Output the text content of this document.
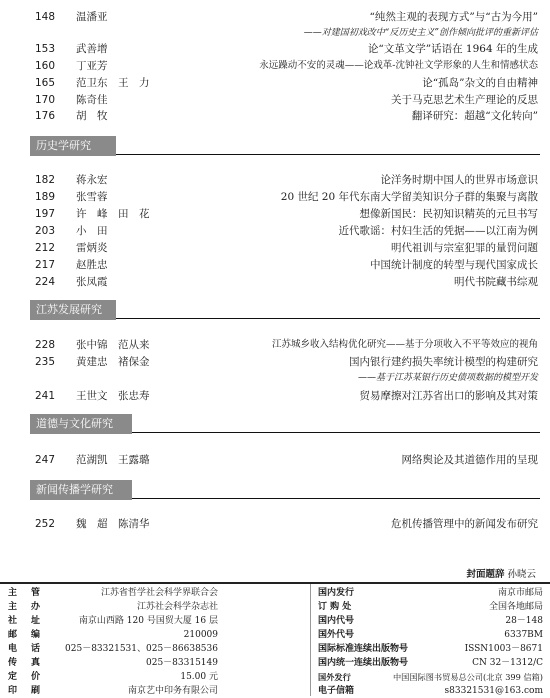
148 温潘亚	“纯然主观的表现方式”与“古为今用”
——对建国初戏改中“反历史主义”创作倾向批评的重新评估
153 武善增	论“文革文学”话语在 1964 年的生成
160 丁亚芳	永远躁动不安的灵魂——论戏革-沈钟社文学形象的人生和情感状态
165 范卫东　王　力	论“孤岛”杂文的自由精神
170 陈奇佳	关于马克思艺术生产理论的反思
176 胡　牧	翻译研究：超越“文化转向”
历史学研究
182 蒋永宏	论洋务时期中国人的世界市场意识
189 张雪蓉	20 世纪 20 年代东南大学留美知识分子群的集聚与离散
197 许　峰　田　花	想像新国民：民初知识精英的元旦书写
203 小　田	近代歌谣：村妇生活的凭据——以江南为例
212 雷炳炎	明代祖训与宗室犯罪的量罚问题
217 赵胜忠	中国统计制度的转型与现代国家成长
224 张凤霞	明代书院藏书综观
江苏发展研究
228 张中锦　范从来	江苏城乡收入结构优化研究——基于分项收入不平等效应的视角
235 黄建忠　褚保金	国内银行建约损失率统计模型的构建研究
——基于江苏某银行历史债项数据的模型开发
241 王世文　张忠寿	贸易摩擦对江苏省出口的影响及其对策
道德与文化研究
247 范湖凯　王露璐	网络舆论及其道德作用的呈现
新闻传播学研究
252 魏　超　陈清华	危机传播管理中的新闻发布研究
封面题辞 孙晓云
主管	江苏省哲学社会科学界联合会
主办	江苏社会科学杂志社
社址	南京山西路 120 号国贸大厦 16 层
邮编	210009
电话 025－83321531、025－86638536
传真	025－83315149
定价	15.00 元
印刷	南京艺中印务有限公司
国内发行	南京市邮局
订 购 处	全国各地邮局
国内代号	28－148
国外代号	6337BM
国际标准连续出版物号	ISSN1003－8671
国内统一连续出版物号	CN 32－1312/C
国外发行	中国国际图书贸易总公司(北京 399 信箱)
电子信箱	s83321531@163.com
